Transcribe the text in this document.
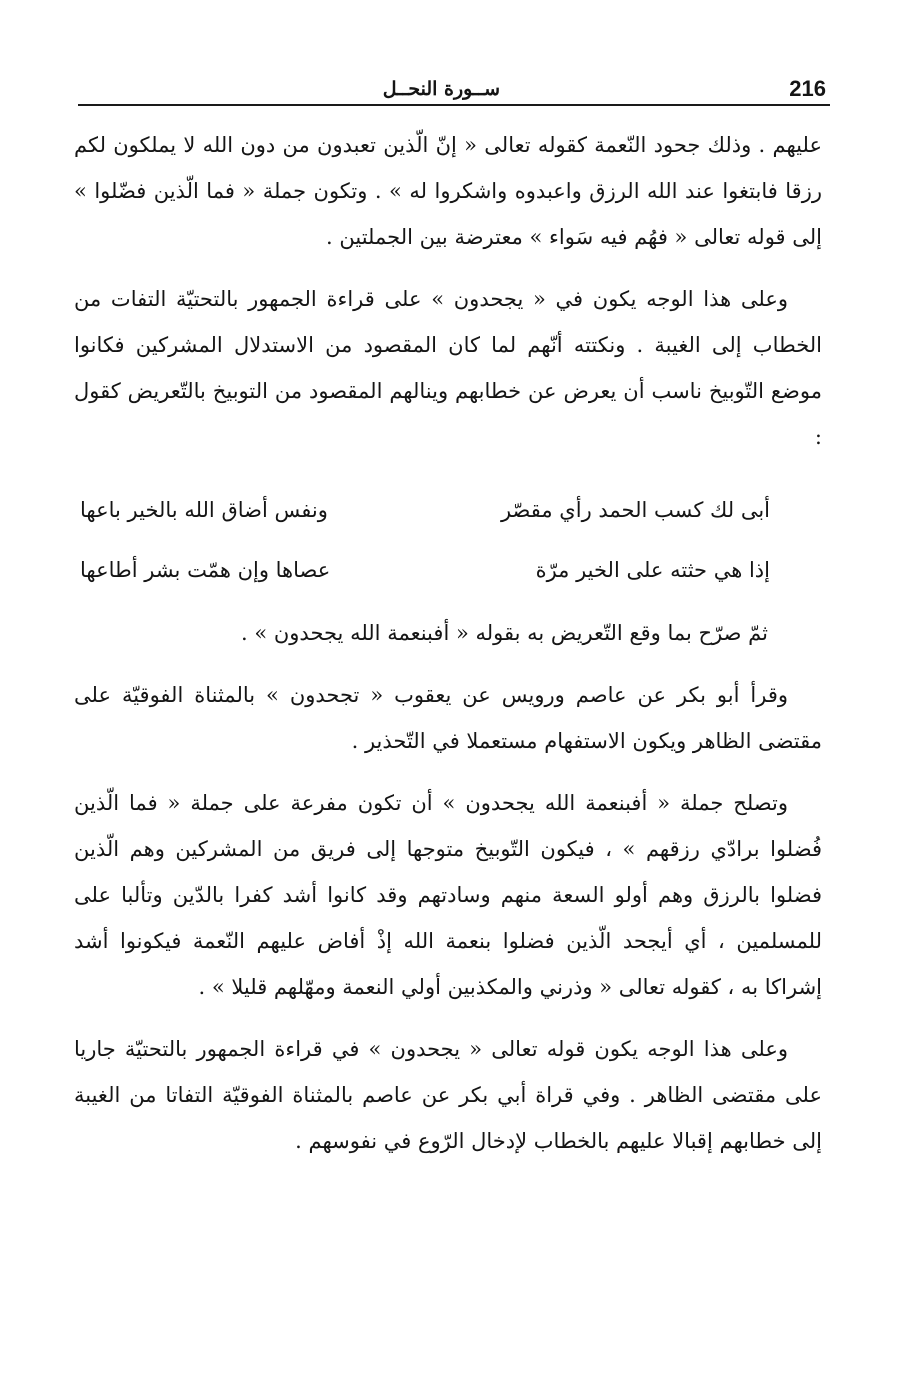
216
ســورة النحــل

عليهم . وذلك جحود النّعمة كقوله تعالى « إنّ الّذين تعبدون من دون الله لا يملكون لكم رزقا فابتغوا عند الله الرزق واعبدوه واشكروا له » . وتكون جملة « فما الّذين فضّلوا » إلى قوله تعالى « فهُم فيه سَواء » معترضة بين الجملتين .

وعلى هذا الوجه يكون في « يجحدون » على قراءة الجمهور بالتحتيّة التفات من الخطاب إلى الغيبة . ونكتته أنّهم لما كان المقصود من الاستدلال المشركين فكانوا موضع التّوبيخ ناسب أن يعرض عن خطابهم وينالهم المقصود من التوبيخ بالتّعريض كقول :

أبى لك كسب الحمد رأي مقصّر
ونفس أضاق الله بالخير باعها
إذا هي حثته على الخير مرّة
عصاها وإن همّت بشر أطاعها

ثمّ صرّح بما وقع التّعريض به بقوله « أفبنعمة الله يجحدون » .

وقرأ أبو بكر عن عاصم ورويس عن يعقوب « تجحدون » بالمثناة الفوقيّة على مقتضى الظاهر ويكون الاستفهام مستعملا في التّحذير .

وتصلح جملة « أفبنعمة الله يجحدون » أن تكون مفرعة على جملة « فما الّذين فُضلوا برادّي رزقهم » ، فيكون التّوبيخ متوجها إلى فريق من المشركين وهم الّذين فضلوا بالرزق وهم أولو السعة منهم وسادتهم وقد كانوا أشد كفرا بالدّين وتألبا على للمسلمين ، أي أيجحد الّذين فضلوا بنعمة الله إذْ أفاض عليهم النّعمة فيكونوا أشد إشراكا به ، كقوله تعالى « وذرني والمكذبين أولي النعمة ومهّلهم قليلا » .

وعلى هذا الوجه يكون قوله تعالى « يجحدون » في قراءة الجمهور بالتحتيّة جاريا على مقتضى الظاهر . وفي قراة أبي بكر عن عاصم بالمثناة الفوقيّة التفاتا من الغيبة إلى خطابهم إقبالا عليهم بالخطاب لإدخال الرّوع في نفوسهم .
